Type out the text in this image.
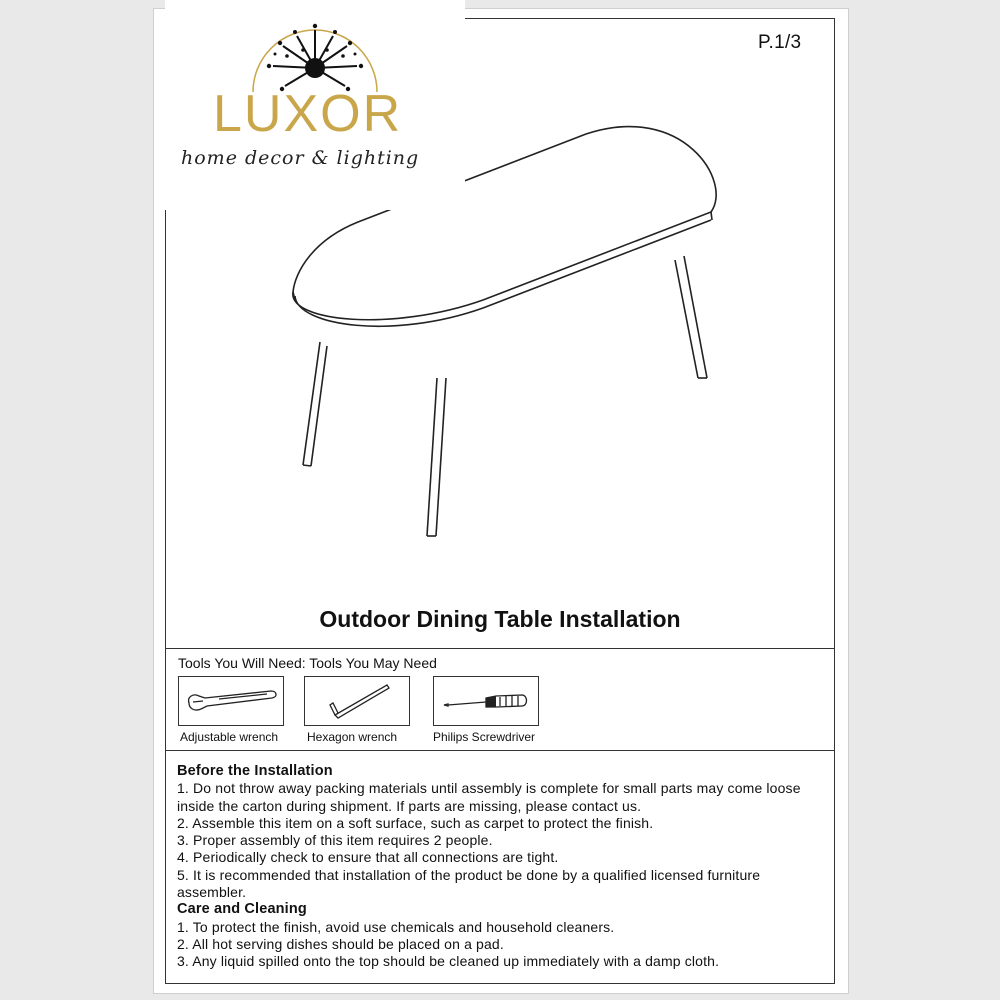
LUXOR
home decor & lighting
P.1/3
Outdoor Dining Table Installation
Tools You Will Need: Tools You May Need
Adjustable wrench Hexagon wrench	Philips Screwdriver

Before the Installation

1. Do not throw away packing materials until assembly is complete for small parts may come loose inside the carton during shipment. If parts are missing, please contact us.

2. Assemble this item on a soft surface, such as carpet to protect the finish.

3. Proper assembly of this item requires 2 people.

4. Periodically check to ensure that all connections are tight.

5. It is recommended that installation of the product be done by a qualified licensed furniture assembler.

Care and Cleaning

1. To protect the finish, avoid use chemicals and household cleaners.

2. All hot serving dishes should be placed on a pad.

3. Any liquid spilled onto the top should be cleaned up immediately with a damp cloth.
